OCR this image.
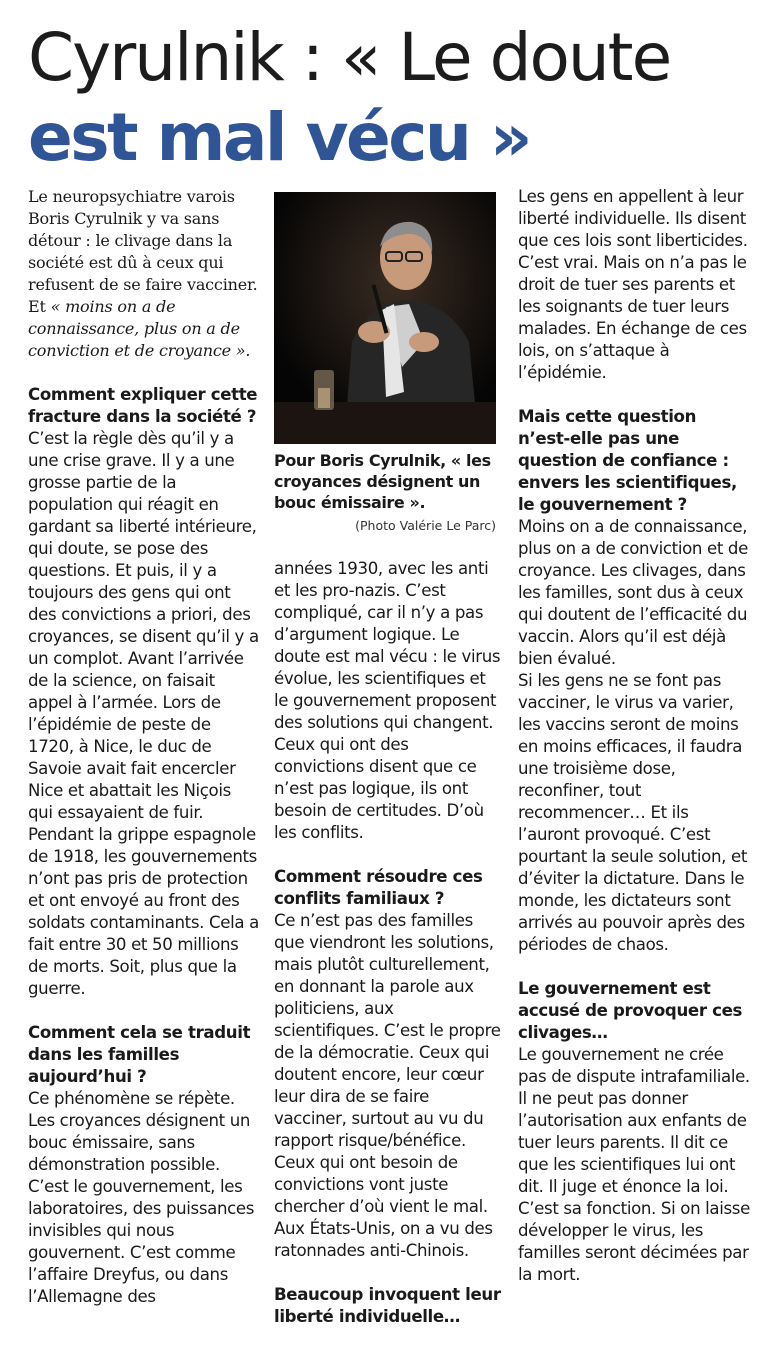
Cyrulnik : « Le doute
est mal vécu »
Le neuropsychiatre varois Boris Cyrulnik y va sans détour : le clivage dans la société est dû à ceux qui refusent de se faire vacciner. Et « moins on a de connaissance, plus on a de conviction et de croyance ».
Comment expliquer cette fracture dans la société ?
C’est la règle dès qu’il y a une crise grave. Il y a une grosse partie de la population qui réagit en gardant sa liberté intérieure, qui doute, se pose des questions. Et puis, il y a toujours des gens qui ont des convictions a priori, des croyances, se disent qu’il y a un complot. Avant l’arrivée de la science, on faisait appel à l’armée. Lors de l’épidémie de peste de 1720, à Nice, le duc de Savoie avait fait encercler Nice et abattait les Niçois qui essayaient de fuir. Pendant la grippe espagnole de 1918, les gouvernements n’ont pas pris de protection et ont envoyé au front des soldats contaminants. Cela a fait entre 30 et 50 millions de morts. Soit, plus que la guerre.
Comment cela se traduit dans les familles aujourd’hui ?
Ce phénomène se répète. Les croyances désignent un bouc émissaire, sans démonstration possible. C’est le gouvernement, les laboratoires, des puissances invisibles qui nous gouvernent. C’est comme l’affaire Dreyfus, ou dans l’Allemagne des
Pour Boris Cyrulnik, « les croyances désignent un bouc émissaire ».
(Photo Valérie Le Parc)
années 1930, avec les anti et les pro-nazis. C’est compliqué, car il n’y a pas d’argument logique. Le doute est mal vécu : le virus évolue, les scientifiques et le gouvernement proposent des solutions qui changent. Ceux qui ont des convictions disent que ce n’est pas logique, ils ont besoin de certitudes. D’où les conflits.
Comment résoudre ces conflits familiaux ?
Ce n’est pas des familles que viendront les solutions, mais plutôt culturellement, en donnant la parole aux politiciens, aux scientifiques. C’est le propre de la démocratie. Ceux qui doutent encore, leur cœur leur dira de se faire vacciner, surtout au vu du rapport risque/bénéfice. Ceux qui ont besoin de convictions vont juste chercher d’où vient le mal. Aux États-Unis, on a vu des ratonnades anti-Chinois.
Beaucoup invoquent leur liberté individuelle…
Les gens en appellent à leur liberté individuelle. Ils disent que ces lois sont liberticides. C’est vrai. Mais on n’a pas le droit de tuer ses parents et les soignants de tuer leurs malades. En échange de ces lois, on s’attaque à l’épidémie.
Mais cette question n’est-elle pas une question de confiance : envers les scientifiques, le gouvernement ?
Moins on a de connaissance, plus on a de conviction et de croyance. Les clivages, dans les familles, sont dus à ceux qui doutent de l’efficacité du vaccin. Alors qu’il est déjà bien évalué.
Si les gens ne se font pas vacciner, le virus va varier, les vaccins seront de moins en moins efficaces, il faudra une troisième dose, reconfiner, tout recommencer… Et ils l’auront provoqué. C’est pourtant la seule solution, et d’éviter la dictature. Dans le monde, les dictateurs sont arrivés au pouvoir après des périodes de chaos.
Le gouvernement est accusé de provoquer ces clivages…
Le gouvernement ne crée pas de dispute intrafamiliale. Il ne peut pas donner l’autorisation aux enfants de tuer leurs parents. Il dit ce que les scientifiques lui ont dit. Il juge et énonce la loi. C’est sa fonction. Si on laisse développer le virus, les familles seront décimées par la mort.
